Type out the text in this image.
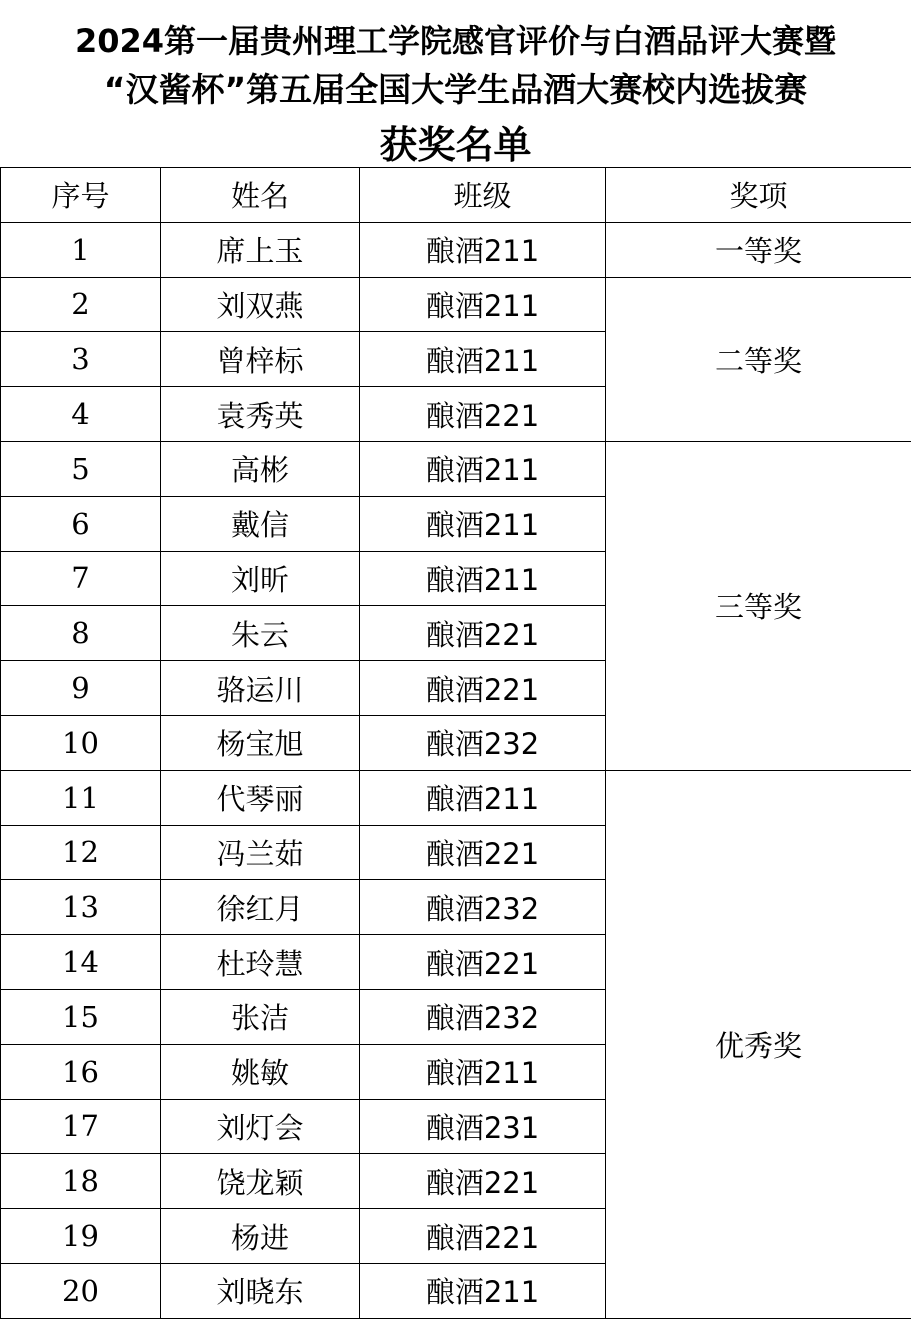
2024第一届贵州理工学院感官评价与白酒品评大赛暨
“汉酱杯”第五届全国大学生品酒大赛校内选拔赛
获奖名单
序号	姓名	班级	奖项
1	席上玉	酿酒211	一等奖
2	刘双燕	酿酒211	二等奖
3	曾梓标	酿酒211	
4	袁秀英	酿酒221	
5	高彬	酿酒211	三等奖
6	戴信	酿酒211	
7	刘昕	酿酒211	
8	朱云	酿酒221	
9	骆运川	酿酒221	
10	杨宝旭	酿酒232	
11	代琴丽	酿酒211	优秀奖
12	冯兰茹	酿酒221	
13	徐红月	酿酒232	
14	杜玲慧	酿酒221	
15	张洁	酿酒232	
16	姚敏	酿酒211	
17	刘灯会	酿酒231	
18	饶龙颖	酿酒221	
19	杨进	酿酒221	
20	刘晓东	酿酒211	
